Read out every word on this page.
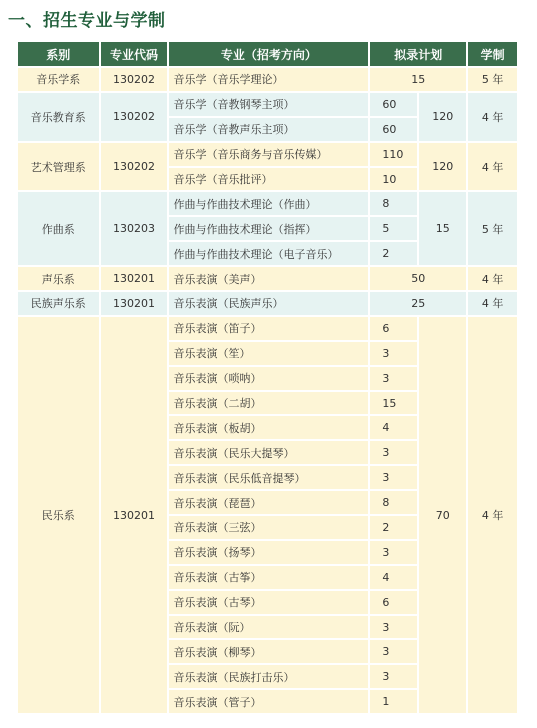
一、招生专业与学制
系别	专业代码	专业（招考方向）	拟录计划		学制
音乐学系	130202	音乐学（音乐学理论）	15		5 年
音乐教育系	130202	音乐学（音教钢琴主项）	60	120	4 年
		音乐学（音教声乐主项）	60		
艺术管理系	130202	音乐学（音乐商务与音乐传媒）	110	120	4 年
		音乐学（音乐批评）	10		
作曲系	130203	作曲与作曲技术理论（作曲）	8	15	5 年
		作曲与作曲技术理论（指挥）	5		
		作曲与作曲技术理论（电子音乐）	2		
声乐系	130201	音乐表演（美声）	50		4 年
民族声乐系	130201	音乐表演（民族声乐）	25		4 年
民乐系	130201	音乐表演（笛子）	6	70	4 年
		音乐表演（笙）	3		
		音乐表演（唢呐）	3		
		音乐表演（二胡）	15		
		音乐表演（板胡）	4		
		音乐表演（民乐大提琴）	3		
		音乐表演（民乐低音提琴）	3		
		音乐表演（琵琶）	8		
		音乐表演（三弦）	2		
		音乐表演（扬琴）	3		
		音乐表演（古筝）	4		
		音乐表演（古琴）	6		
		音乐表演（阮）	3		
		音乐表演（柳琴）	3		
		音乐表演（民族打击乐）	3		
		音乐表演（管子）	1		
